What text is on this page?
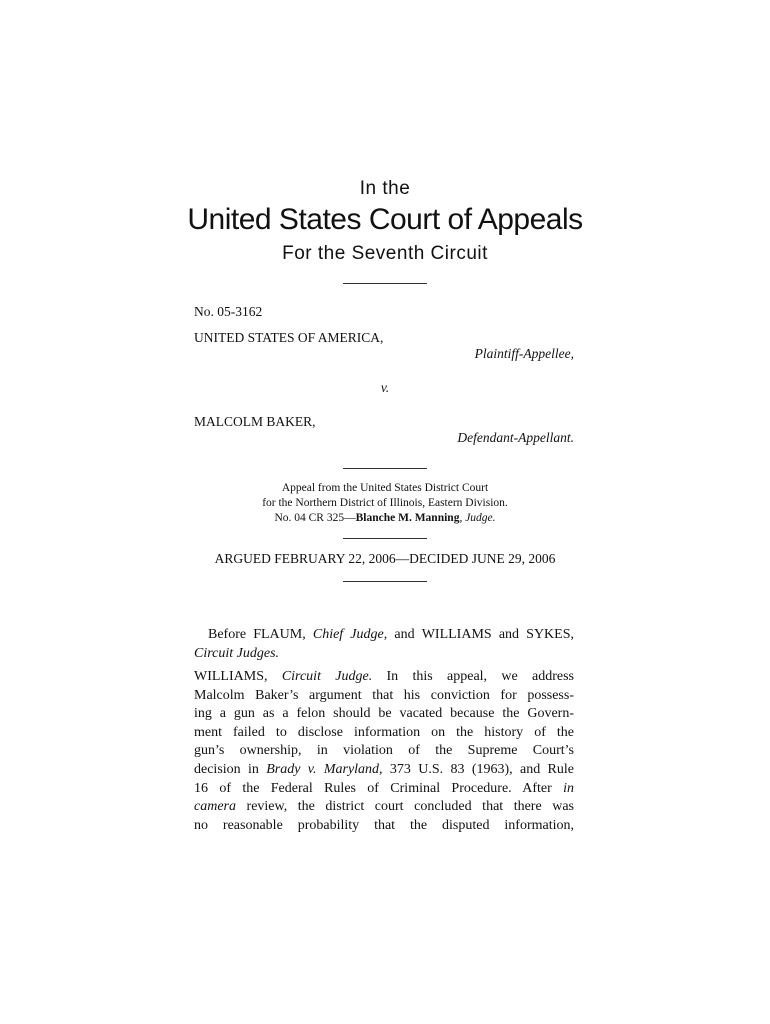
In the
United States Court of Appeals
For the Seventh Circuit
No. 05-3162
UNITED STATES OF AMERICA,
Plaintiff-Appellee,
v.
MALCOLM BAKER,
Defendant-Appellant.
Appeal from the United States District Court
for the Northern District of Illinois, Eastern Division.
No. 04 CR 325—Blanche M. Manning, Judge.
ARGUED FEBRUARY 22, 2006—DECIDED JUNE 29, 2006
Before FLAUM, Chief Judge, and WILLIAMS and SYKES,
Circuit Judges.
WILLIAMS, Circuit Judge. In this appeal, we address
Malcolm Baker’s argument that his conviction for possess-
ing a gun as a felon should be vacated because the Govern-
ment failed to disclose information on the history of the
gun’s ownership, in violation of the Supreme Court’s
decision in Brady v. Maryland, 373 U.S. 83 (1963), and Rule
16 of the Federal Rules of Criminal Procedure. After in
camera review, the district court concluded that there was
no reasonable probability that the disputed information,
